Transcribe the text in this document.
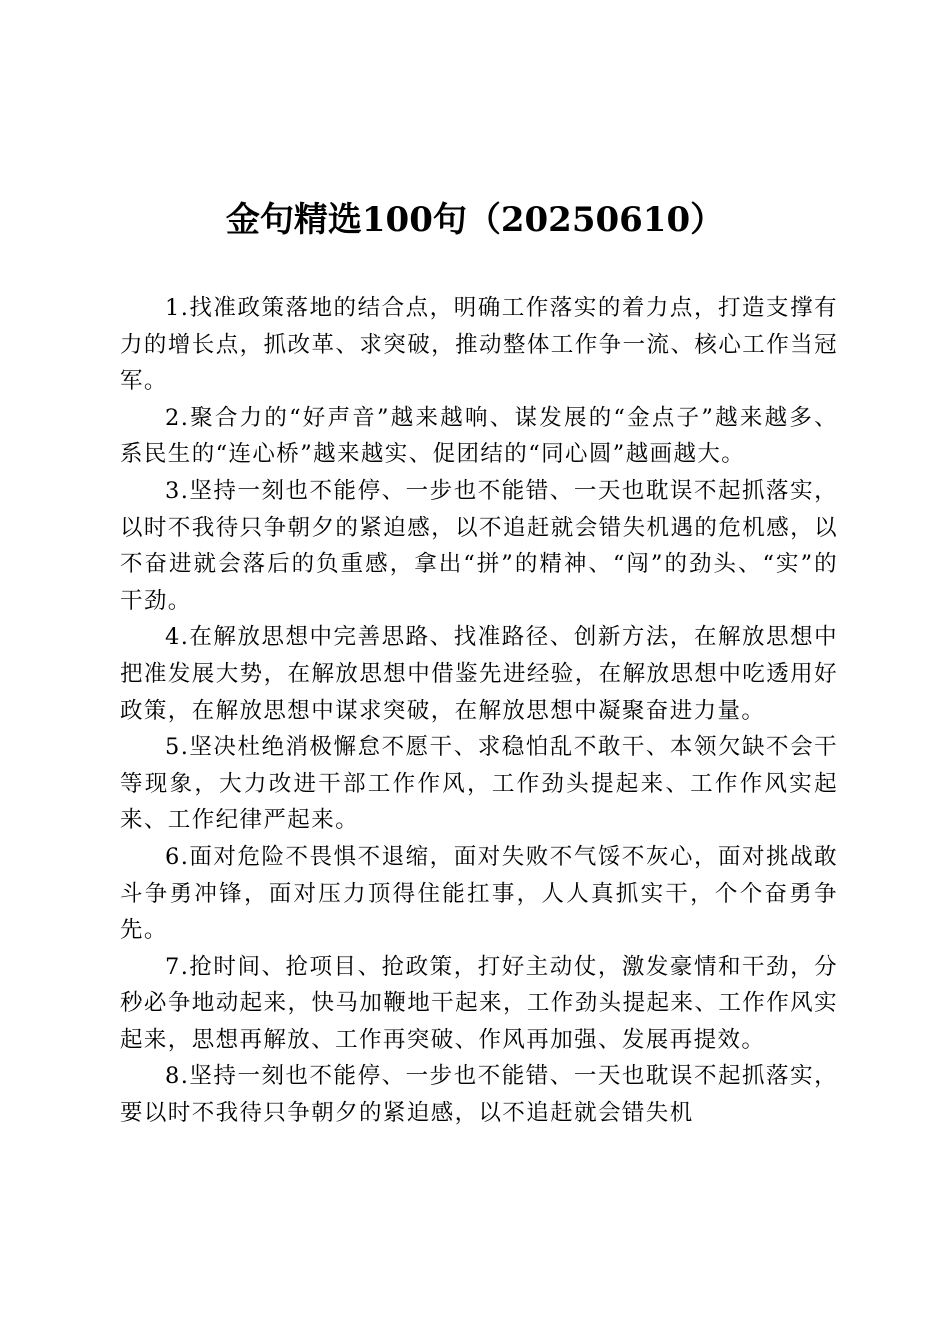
金句精选100句（20250610）

1.找准政策落地的结合点，明确工作落实的着力点，打造支撑有力的增长点，抓改革、求突破，推动整体工作争一流、核心工作当冠军。

2.聚合力的“好声音”越来越响、谋发展的“金点子”越来越多、系民生的“连心桥”越来越实、促团结的“同心圆”越画越大。

3.坚持一刻也不能停、一步也不能错、一天也耽误不起抓落实，以时不我待只争朝夕的紧迫感，以不追赶就会错失机遇的危机感，以不奋进就会落后的负重感，拿出“拼”的精神、“闯”的劲头、“实”的干劲。

4.在解放思想中完善思路、找准路径、创新方法，在解放思想中把准发展大势，在解放思想中借鉴先进经验，在解放思想中吃透用好政策，在解放思想中谋求突破，在解放思想中凝聚奋进力量。

5.坚决杜绝消极懈怠不愿干、求稳怕乱不敢干、本领欠缺不会干等现象，大力改进干部工作作风，工作劲头提起来、工作作风实起来、工作纪律严起来。

6.面对危险不畏惧不退缩，面对失败不气馁不灰心，面对挑战敢斗争勇冲锋，面对压力顶得住能扛事，人人真抓实干，个个奋勇争先。

7.抢时间、抢项目、抢政策，打好主动仗，激发豪情和干劲，分秒必争地动起来，快马加鞭地干起来，工作劲头提起来、工作作风实起来，思想再解放、工作再突破、作风再加强、发展再提效。

8.坚持一刻也不能停、一步也不能错、一天也耽误不起抓落实，要以时不我待只争朝夕的紧迫感，以不追赶就会错失机
